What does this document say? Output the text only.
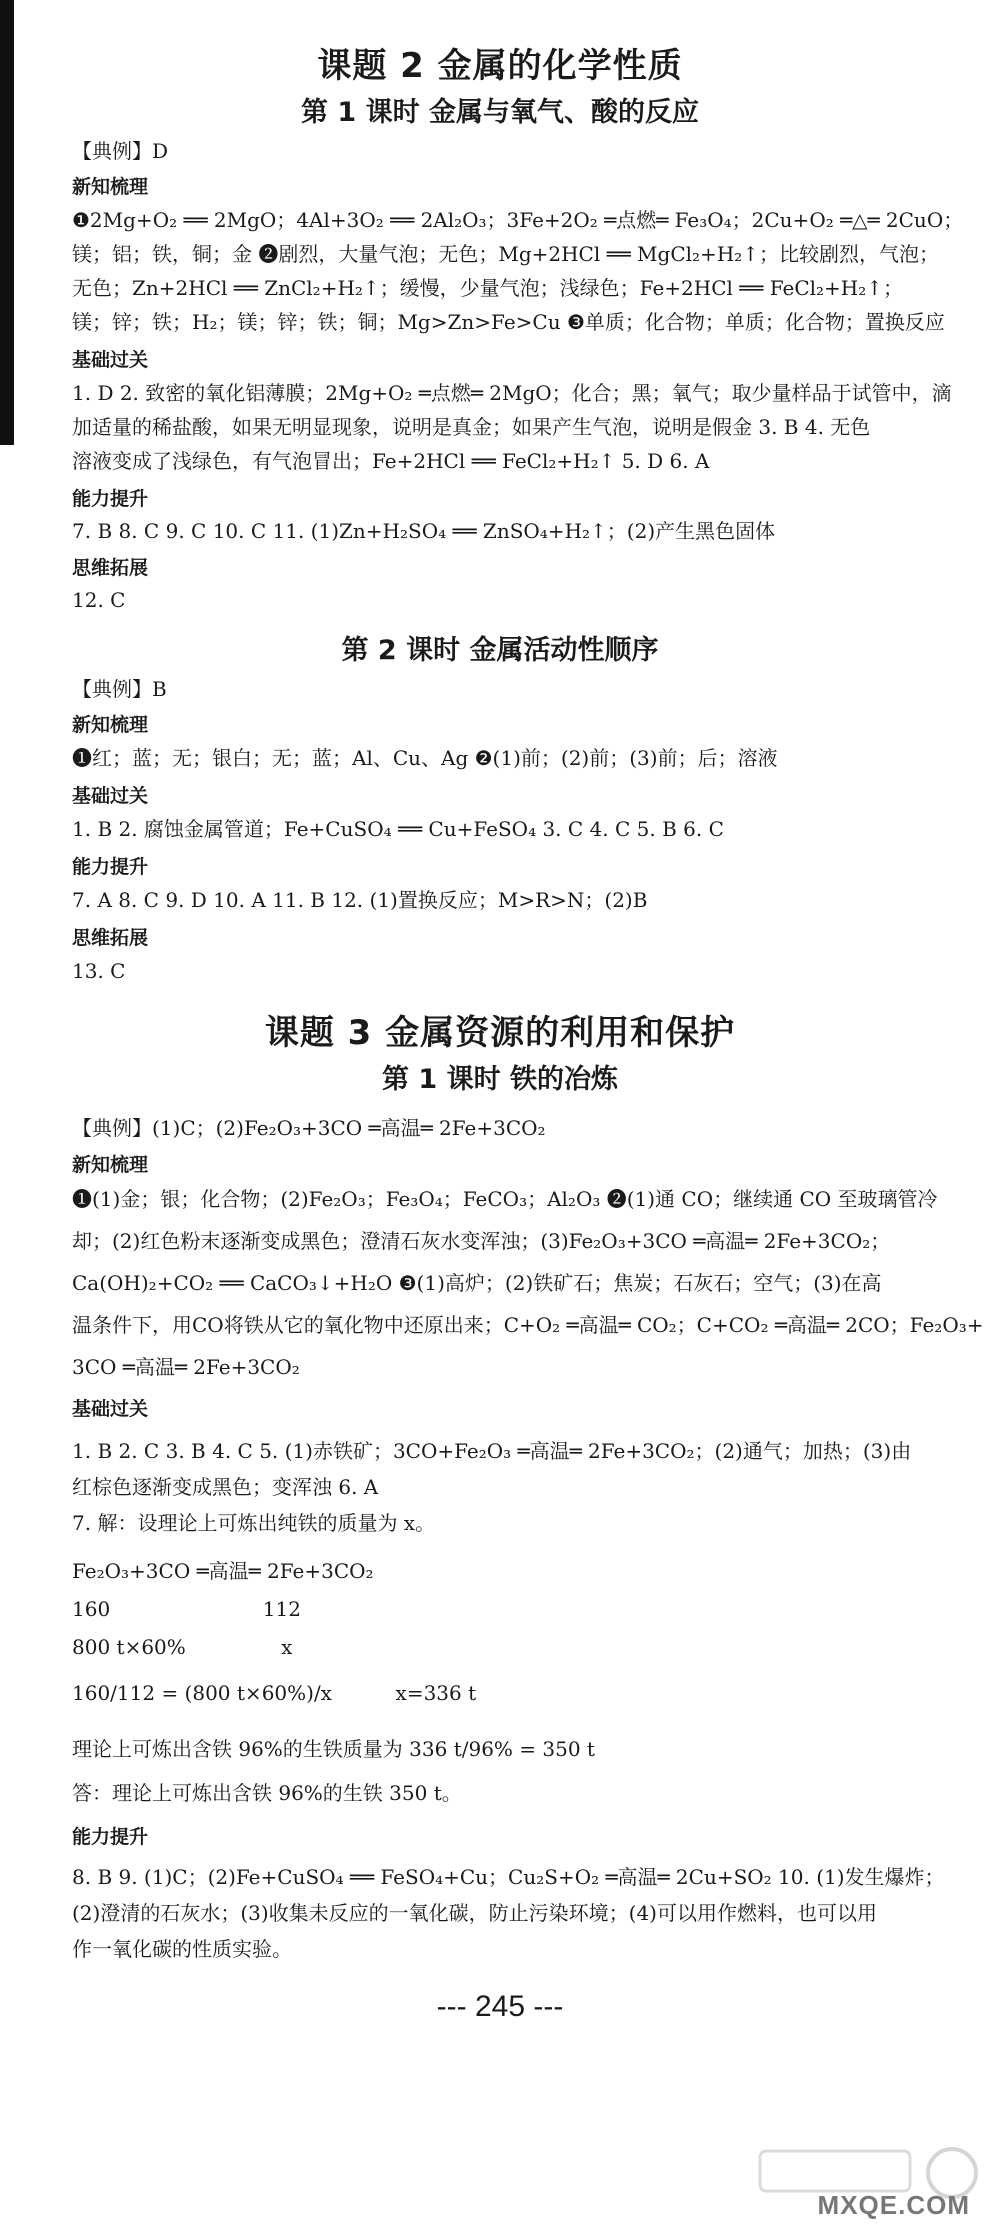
课题 2 金属的化学性质
第 1 课时 金属与氧气、酸的反应
【典例】D
新知梳理
❶2Mg+O₂ ══ 2MgO；4Al+3O₂ ══ 2Al₂O₃；3Fe+2O₂ ═点燃═ Fe₃O₄；2Cu+O₂ ═△═ 2CuO；
镁；铝；铁，铜；金 ❷剧烈，大量气泡；无色；Mg+2HCl ══ MgCl₂+H₂↑；比较剧烈，气泡；
无色；Zn+2HCl ══ ZnCl₂+H₂↑；缓慢，少量气泡；浅绿色；Fe+2HCl ══ FeCl₂+H₂↑；
镁；锌；铁；H₂；镁；锌；铁；铜；Mg>Zn>Fe>Cu ❸单质；化合物；单质；化合物；置换反应
基础过关
1. D 2. 致密的氧化铝薄膜；2Mg+O₂ ═点燃═ 2MgO；化合；黑；氧气；取少量样品于试管中，滴
加适量的稀盐酸，如果无明显现象，说明是真金；如果产生气泡，说明是假金 3. B 4. 无色
溶液变成了浅绿色，有气泡冒出；Fe+2HCl ══ FeCl₂+H₂↑ 5. D 6. A
能力提升
7. B 8. C 9. C 10. C 11. (1)Zn+H₂SO₄ ══ ZnSO₄+H₂↑；(2)产生黑色固体
思维拓展
12. C
第 2 课时 金属活动性顺序
【典例】B
新知梳理
❶红；蓝；无；银白；无；蓝；Al、Cu、Ag ❷(1)前；(2)前；(3)前；后；溶液
基础过关
1. B 2. 腐蚀金属管道；Fe+CuSO₄ ══ Cu+FeSO₄ 3. C 4. C 5. B 6. C
能力提升
7. A 8. C 9. D 10. A 11. B 12. (1)置换反应；M>R>N；(2)B
思维拓展
13. C
课题 3 金属资源的利用和保护
第 1 课时 铁的冶炼
【典例】(1)C；(2)Fe₂O₃+3CO ═高温═ 2Fe+3CO₂
新知梳理
❶(1)金；银；化合物；(2)Fe₂O₃；Fe₃O₄；FeCO₃；Al₂O₃ ❷(1)通 CO；继续通 CO 至玻璃管冷
却；(2)红色粉末逐渐变成黑色；澄清石灰水变浑浊；(3)Fe₂O₃+3CO ═高温═ 2Fe+3CO₂；
Ca(OH)₂+CO₂ ══ CaCO₃↓+H₂O ❸(1)高炉；(2)铁矿石；焦炭；石灰石；空气；(3)在高
温条件下，用CO将铁从它的氧化物中还原出来；C+O₂ ═高温═ CO₂；C+CO₂ ═高温═ 2CO；Fe₂O₃+
3CO ═高温═ 2Fe+3CO₂
基础过关
1. B 2. C 3. B 4. C 5. (1)赤铁矿；3CO+Fe₂O₃ ═高温═ 2Fe+3CO₂；(2)通气；加热；(3)由
红棕色逐渐变成黑色；变浑浊 6. A
7. 解：设理论上可炼出纯铁的质量为 x。
Fe₂O₃+3CO ═高温═ 2Fe+3CO₂
160                        112
800 t×60%               x
160/112 = (800 t×60%)/x          x=336 t
理论上可炼出含铁 96%的生铁质量为 336 t/96% = 350 t
答：理论上可炼出含铁 96%的生铁 350 t。
能力提升
8. B 9. (1)C；(2)Fe+CuSO₄ ══ FeSO₄+Cu；Cu₂S+O₂ ═高温═ 2Cu+SO₂ 10. (1)发生爆炸；
(2)澄清的石灰水；(3)收集未反应的一氧化碳，防止污染环境；(4)可以用作燃料，也可以用
作一氧化碳的性质实验。
--- 245 ---
MXQE.COM
